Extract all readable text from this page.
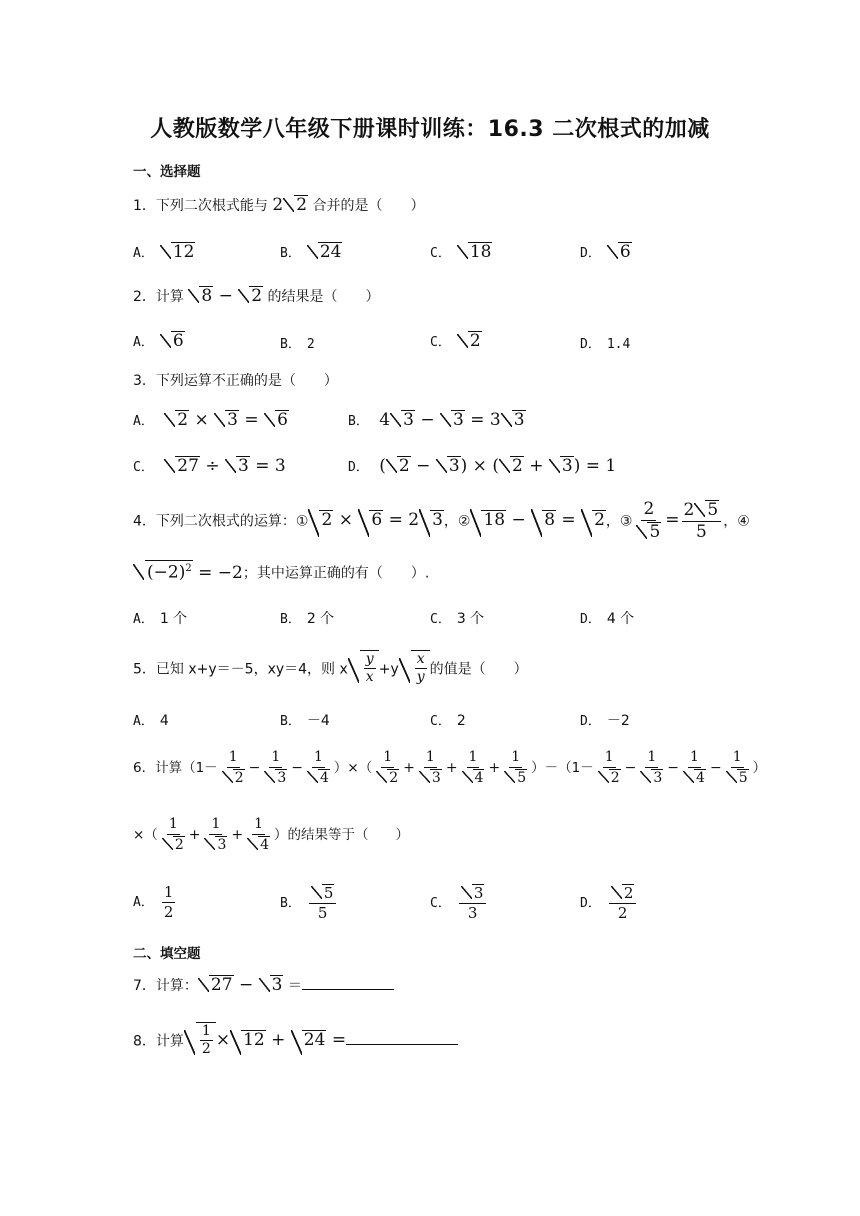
人教版数学八年级下册课时训练：16.3 二次根式的加减
一、选择题
1．下列二次根式能与 2 2 合并的是（　　）
A． 12	B． 24	C． 18	D． 6
2．计算 8 − 2 的结果是（　　）
A． 6	B． 2	C． 2	D． 1.4
3．下列运算不正确的是（　　）
A． 2 × 3 = 6	B． 4 3 − 3 = 3 3
C． 27 ÷ 3 = 3	D． ( 2 − 3) × ( 2 + 3) = 1
4．下列二次根式的运算：① 2 × 6 = 2 3，② 18 − 8 = 2，③ $\frac{2}{5} = \frac{2 5}{5}$ ，④
$(-2)^2 = -2$；其中运算正确的有（　　）.
A． 1 个	B． 2 个	C． 3 个	D． 4 个
5．已知 x+y＝－5，xy＝4，则 x $\frac{y}{x} +y \frac{x}{y}$ 的值是（　　）
A． 4	B． －4	C． 2	D． －2
6．计算（$1- \frac{1}{2} - \frac{1}{3} - \frac{1}{4}$ ）×（ $\frac{1}{2} + \frac{1}{3} + \frac{1}{4} + \frac{1}{5} )-(1- \frac{1}{2} - \frac{1}{3} - \frac{1}{4} - \frac{1}{5}$ ）
×（ $\frac{1}{2} + \frac{1}{3} + \frac{1}{4}$ ）的结果等于（　　）
A． $\frac{1}{2}$	B． $\frac{5}{5}$	C． $\frac{3}{3}$	D． $\frac{2}{2}$
二、填空题
7．计算： 27 − 3 ＝
8．计算 $\frac{1}{2} \times 12 + 24$ =
